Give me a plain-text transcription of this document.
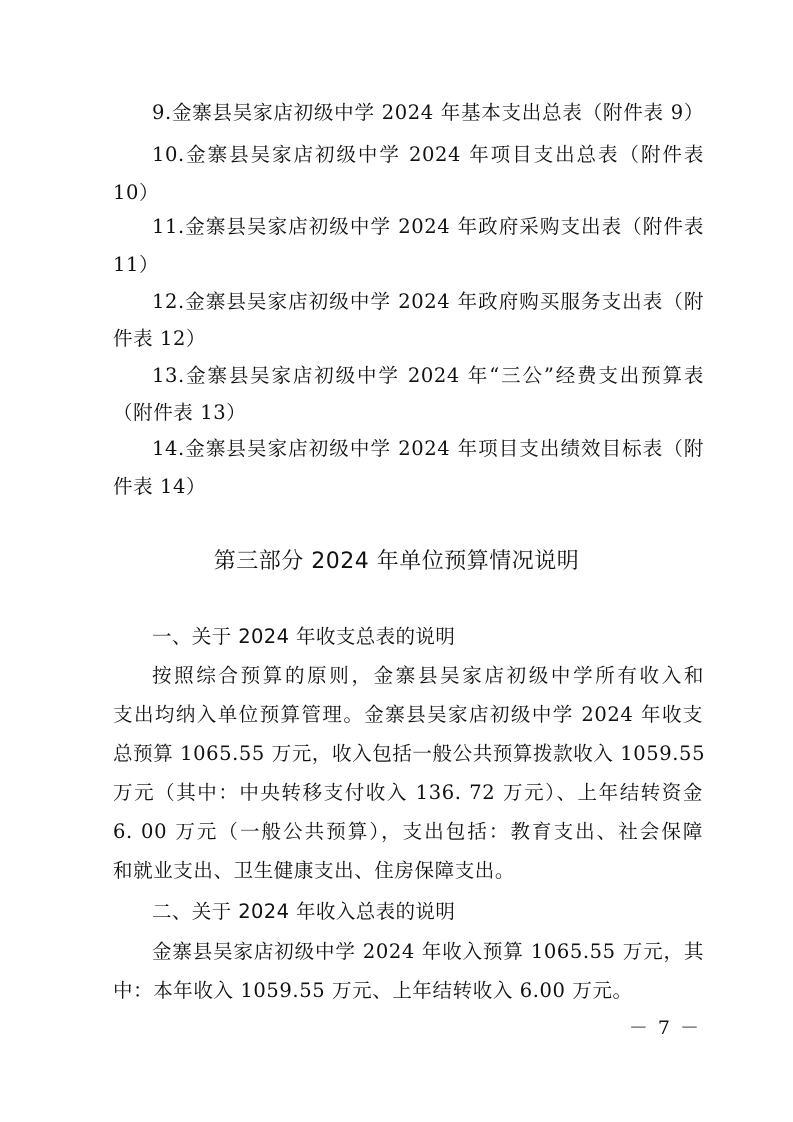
9.金寨县吴家店初级中学 2024 年基本支出总表（附件表 9）
10.金寨县吴家店初级中学 2024 年项目支出总表（附件表
10）
11.金寨县吴家店初级中学 2024 年政府采购支出表（附件表
11）
12.金寨县吴家店初级中学 2024 年政府购买服务支出表（附
件表 12）
13.金寨县吴家店初级中学 2024 年“三公”经费支出预算表
（附件表 13）
14.金寨县吴家店初级中学 2024 年项目支出绩效目标表（附
件表 14）
第三部分 2024 年单位预算情况说明
一、关于 2024 年收支总表的说明
按照综合预算的原则，金寨县吴家店初级中学所有收入和
支出均纳入单位预算管理。金寨县吴家店初级中学 2024 年收支
总预算 1065.55 万元，收入包括一般公共预算拨款收入 1059.55
万元（其中：中央转移支付收入 136. 72 万元）、上年结转资金
6. 00 万元（一般公共预算），支出包括：教育支出、社会保障
和就业支出、卫生健康支出、住房保障支出。
二、关于 2024 年收入总表的说明
金寨县吴家店初级中学 2024 年收入预算 1065.55 万元，其
中：本年收入 1059.55 万元、上年结转收入 6.00 万元。
－ 7 －
